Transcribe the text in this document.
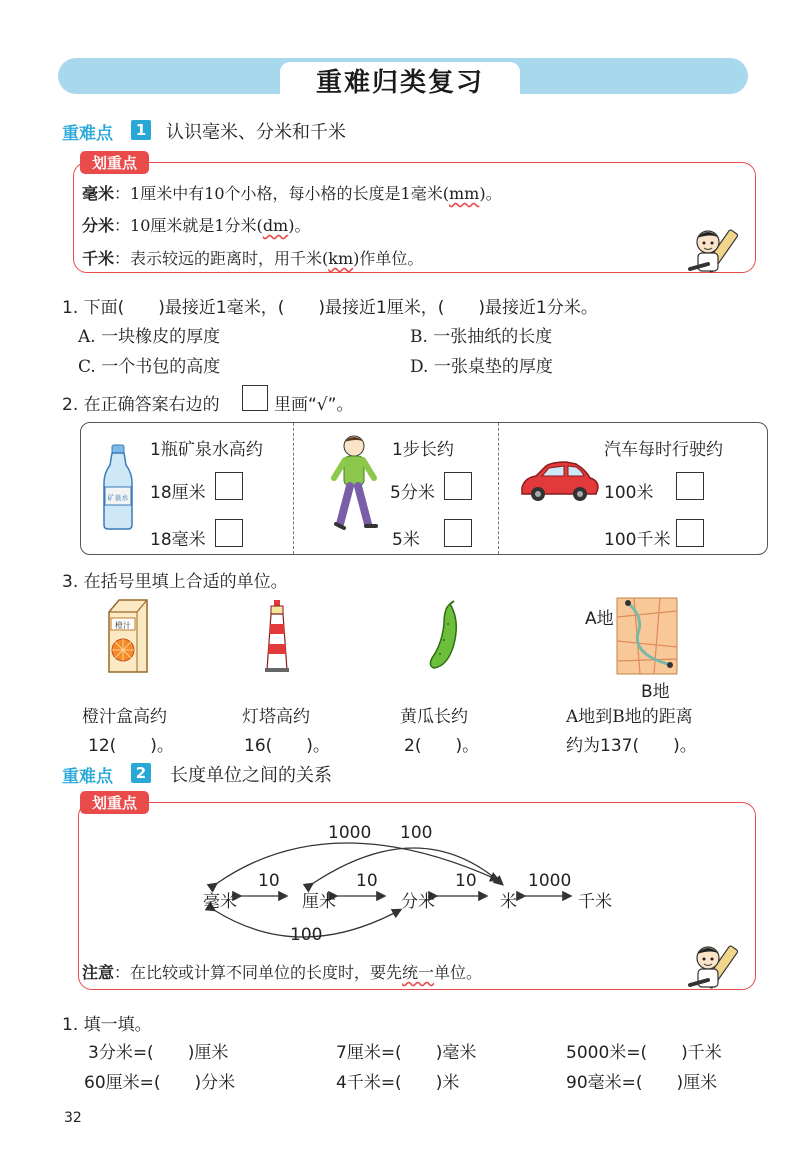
重难归类复习
重难点	1 认识毫米、分米和千米
划重点
毫米：1厘米中有10个小格，每小格的长度是1毫米(mm)。
分米：10厘米就是1分米(dm)。
千米：表示较远的距离时，用千米(km)作单位。
1. 下面(　　)最接近1毫米，(　　)最接近1厘米，(　　)最接近1分米。
A. 一块橡皮的厚度	B. 一张抽纸的长度
C. 一个书包的高度	D. 一张桌垫的厚度
2. 在正确答案右边的	里画“√”。
1瓶矿泉水高约
矿泉水 18厘米
18毫米
1步长约
5分米
5米
汽车每时行驶约
100米
100千米
3. 在括号里填上合适的单位。
橙汁	A地
B地
橙汁盒高约
12(　　)。
灯塔高约
16(　　)。
黄瓜长约
2(　　)。
A地到B地的距离
约为137(　　)。
重难点	2 长度单位之间的关系
划重点
毫米	厘米	分米	米	千米
10	10	10	1000
1000 100
100
注意：在比较或计算不同单位的长度时，要先统一单位。
1. 填一填。
3分米=(　　)厘米	7厘米=(　　)毫米	5000米=(　　)千米
60厘米=(　　)分米	4千米=(　　)米	90毫米=(　　)厘米
32
